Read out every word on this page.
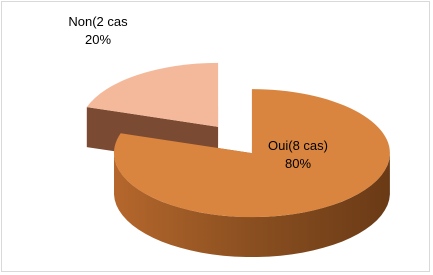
Non(2 cas
20%
Oui(8 cas)
80%
